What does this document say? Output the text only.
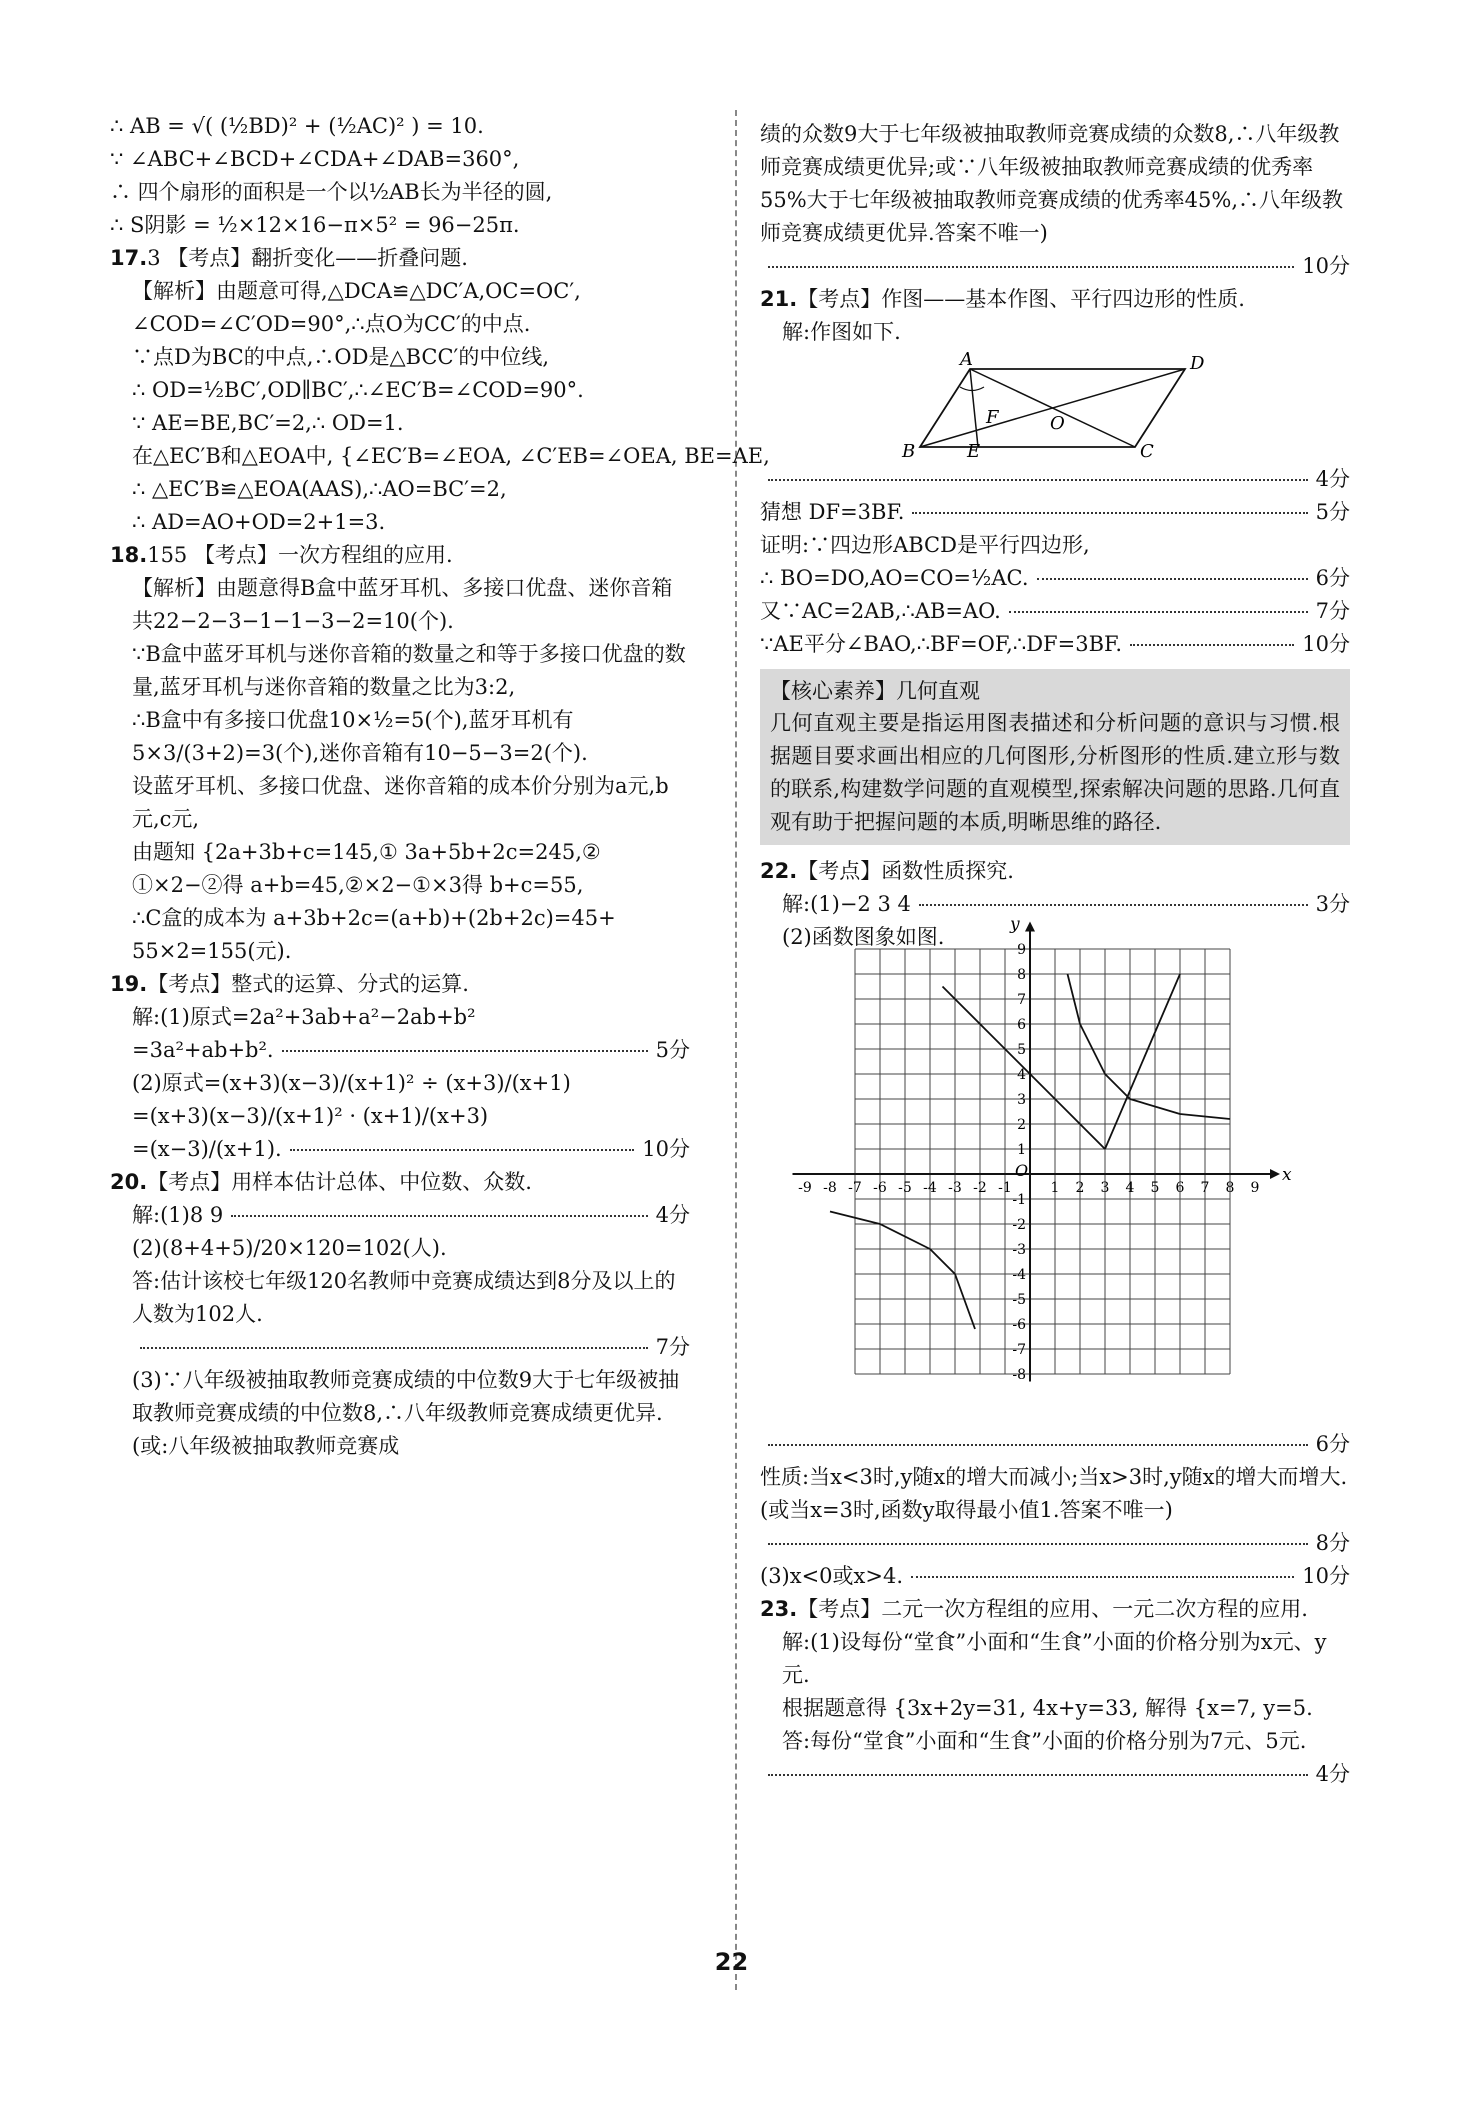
∴ AB = √( (½BD)² + (½AC)² ) = 10.
∵ ∠ABC+∠BCD+∠CDA+∠DAB=360°,
∴ 四个扇形的面积是一个以½AB长为半径的圆,
∴ S阴影 = ½×12×16−π×5² = 96−25π.
17.3 【考点】翻折变化——折叠问题.
【解析】由题意可得,△DCA≌△DC′A,OC=OC′,
∠COD=∠C′OD=90°,∴点O为CC′的中点.
∵点D为BC的中点,∴OD是△BCC′的中位线,
∴ OD=½BC′,OD∥BC′,∴∠EC′B=∠COD=90°.
∵ AE=BE,BC′=2,∴ OD=1.
在△EC′B和△EOA中, {∠EC′B=∠EOA, ∠C′EB=∠OEA, BE=AE,
∴ △EC′B≌△EOA(AAS),∴AO=BC′=2,
∴ AD=AO+OD=2+1=3.
18.155 【考点】一次方程组的应用.
【解析】由题意得B盒中蓝牙耳机、多接口优盘、迷你音箱共22−2−3−1−1−3−2=10(个).
∵B盒中蓝牙耳机与迷你音箱的数量之和等于多接口优盘的数量,蓝牙耳机与迷你音箱的数量之比为3:2,
∴B盒中有多接口优盘10×½=5(个),蓝牙耳机有
5×3/(3+2)=3(个),迷你音箱有10−5−3=2(个).
设蓝牙耳机、多接口优盘、迷你音箱的成本价分别为a元,b元,c元,
由题知 {2a+3b+c=145,① 3a+5b+2c=245,②
①×2−②得 a+b=45,②×2−①×3得 b+c=55,
∴C盒的成本为 a+3b+2c=(a+b)+(2b+2c)=45+
55×2=155(元).
19.【考点】整式的运算、分式的运算.
解:(1)原式=2a²+3ab+a²−2ab+b²
=3a²+ab+b².	5分
(2)原式=(x+3)(x−3)/(x+1)² ÷ (x+3)/(x+1)
=(x+3)(x−3)/(x+1)² · (x+1)/(x+3)
=(x−3)/(x+1).	10分
20.【考点】用样本估计总体、中位数、众数.
解:(1)8 9	4分
(2)(8+4+5)/20×120=102(人).
答:估计该校七年级120名教师中竞赛成绩达到8分及以上的人数为102人.
7分
(3)∵八年级被抽取教师竞赛成绩的中位数9大于七年级被抽取教师竞赛成绩的中位数8,∴八年级教师竞赛成绩更优异.(或:八年级被抽取教师竞赛成
绩的众数9大于七年级被抽取教师竞赛成绩的众数8,∴八年级教师竞赛成绩更优异;或∵八年级被抽取教师竞赛成绩的优秀率55%大于七年级被抽取教师竞赛成绩的优秀率45%,∴八年级教师竞赛成绩更优异.答案不唯一)
10分
21.【考点】作图——基本作图、平行四边形的性质.
解:作图如下.
A	D
B	E	C
F	O
4分
猜想 DF=3BF.	5分
证明:∵四边形ABCD是平行四边形,
∴ BO=DO,AO=CO=½AC.	6分
又∵AC=2AB,∴AB=AO.	7分
∵AE平分∠BAO,∴BF=OF,∴DF=3BF.	10分
【核心素养】几何直观
几何直观主要是指运用图表描述和分析问题的意识与习惯.根据题目要求画出相应的几何图形,分析图形的性质.建立形与数的联系,构建数学问题的直观模型,探索解决问题的思路.几何直观有助于把握问题的本质,明晰思维的路径.
22.【考点】函数性质探究.
解:(1)−2 3 4	3分
(2)函数图象如图.
x
y
O
-9 -8 -7 -6 -5 -4 -3 -2 -1	1 2 3 4 5 6 7 8 9
9
8
7
6
5
4
3
2
1
-1
-2
-3
-4
-5
-6
-7
-8
6分
性质:当x<3时,y随x的增大而减小;当x>3时,y随x的增大而增大.(或当x=3时,函数y取得最小值1.答案不唯一)
8分
(3)x<0或x>4.	10分
23.【考点】二元一次方程组的应用、一元二次方程的应用.
解:(1)设每份“堂食”小面和“生食”小面的价格分别为x元、y元.
根据题意得 {3x+2y=31, 4x+y=33, 解得 {x=7, y=5.
答:每份“堂食”小面和“生食”小面的价格分别为7元、5元.
4分
22
